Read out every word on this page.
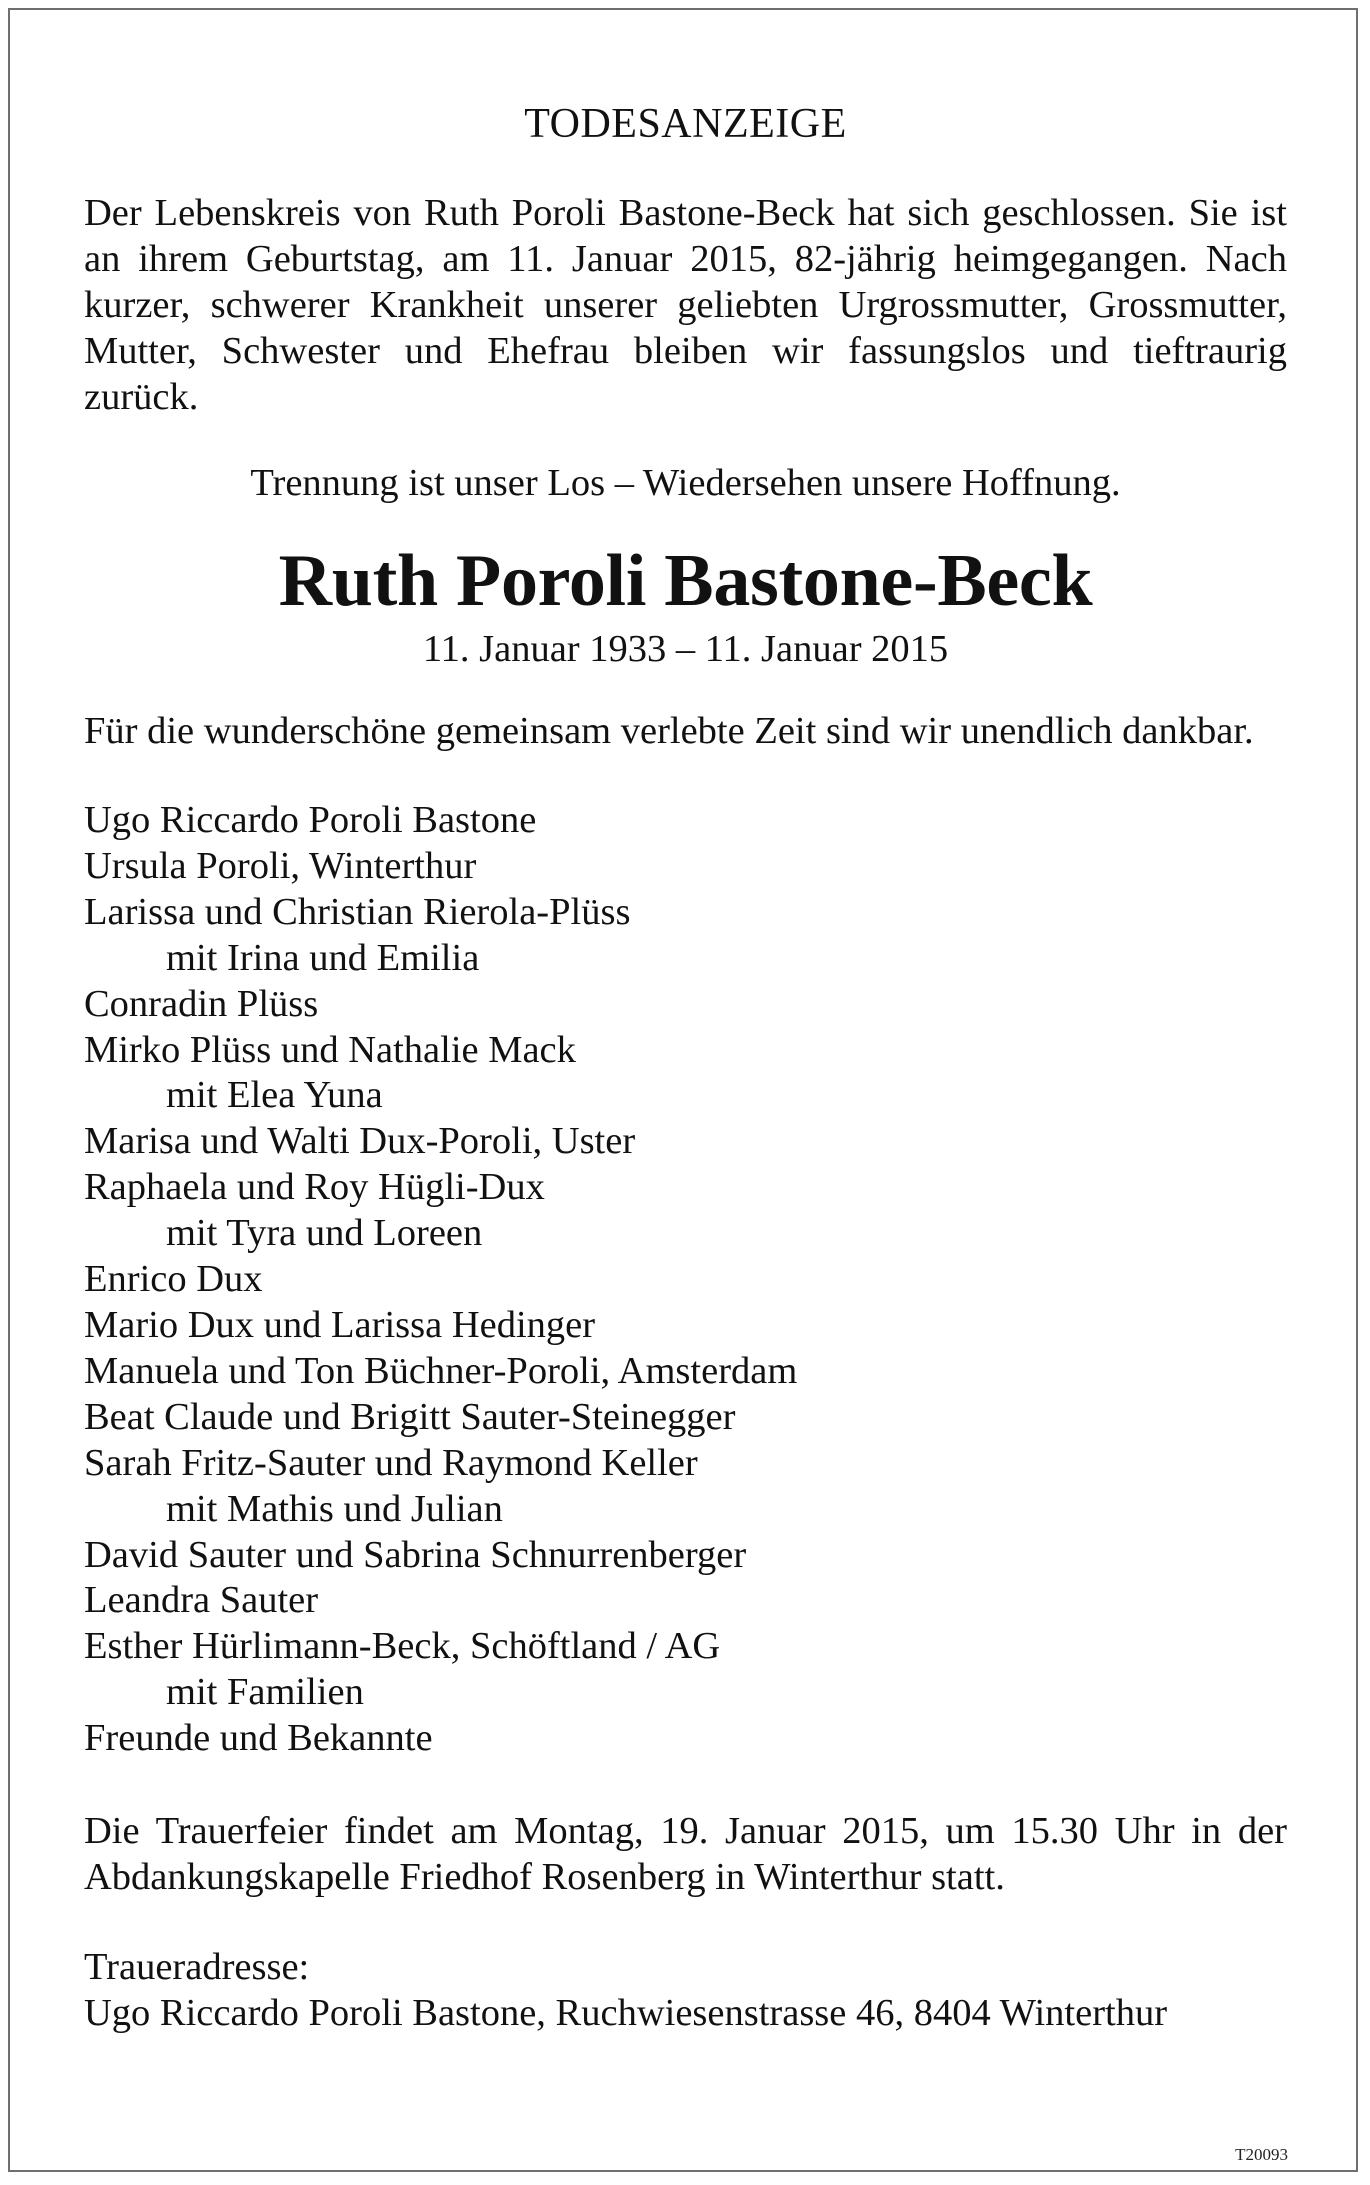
TODESANZEIGE

Der Lebenskreis von Ruth Poroli Bastone-Beck hat sich geschlossen. Sie ist an ihrem Geburtstag, am 11. Januar 2015, 82-jährig heimgegangen. Nach kurzer, schwerer Krankheit unserer geliebten Urgrossmutter, Grossmutter, Mutter, Schwester und Ehefrau bleiben wir fassungslos und tieftraurig zurück.

Trennung ist unser Los – Wiedersehen unsere Hoffnung.

Ruth Poroli Bastone-Beck

11. Januar 1933 – 11. Januar 2015

Für die wunderschöne gemeinsam verlebte Zeit sind wir unendlich dankbar.

Ugo Riccardo Poroli Bastone
Ursula Poroli, Winterthur
Larissa und Christian Rierola-Plüss
mit Irina und Emilia
Conradin Plüss
Mirko Plüss und Nathalie Mack
mit Elea Yuna
Marisa und Walti Dux-Poroli, Uster
Raphaela und Roy Hügli-Dux
mit Tyra und Loreen
Enrico Dux
Mario Dux und Larissa Hedinger
Manuela und Ton Büchner-Poroli, Amsterdam
Beat Claude und Brigitt Sauter-Steinegger
Sarah Fritz-Sauter und Raymond Keller
mit Mathis und Julian
David Sauter und Sabrina Schnurrenberger
Leandra Sauter
Esther Hürlimann-Beck, Schöftland / AG
mit Familien
Freunde und Bekannte

Die Trauerfeier findet am Montag, 19. Januar 2015, um 15.30 Uhr in der Abdankungskapelle Friedhof Rosenberg in Winterthur statt.

Traueradresse:

Ugo Riccardo Poroli Bastone, Ruchwiesenstrasse 46, 8404 Winterthur

T20093
